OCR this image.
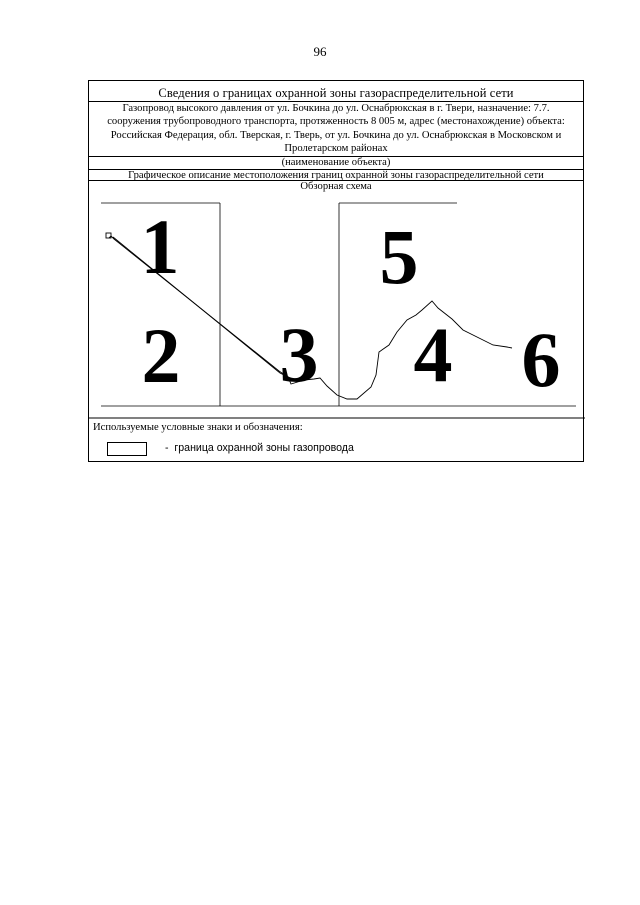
96
Сведения о границах охранной зоны газораспределительной сети
Газопровод высокого давления от ул. Бочкина до ул. Оснабрюкская в г. Твери, назначение: 7.7.
сооружения трубопроводного транспорта, протяженность 8 005 м, адрес (местонахождение) объекта:
Российская Федерация, обл. Тверская, г. Тверь, от ул. Бочкина до ул. Оснабрюкская в Московском и
Пролетарском районах
(наименование объекта)
Графическое описание местоположения границ охранной зоны газораспределительной сети
Обзорная схема
1
2 3 4
5
6
Используемые условные знаки и обозначения:
- граница охранной зоны газопровода
